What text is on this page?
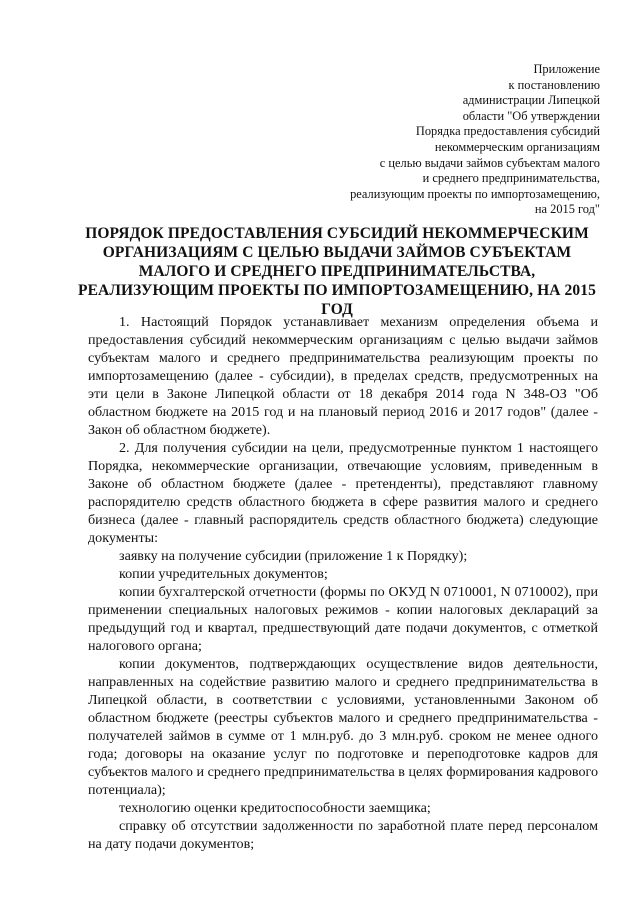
Приложение
к постановлению
администрации Липецкой
области "Об утверждении
Порядка предоставления субсидий
некоммерческим организациям
с целью выдачи займов субъектам малого
и среднего предпринимательства,
реализующим проекты по импортозамещению,
на 2015 год"
ПОРЯДОК ПРЕДОСТАВЛЕНИЯ СУБСИДИЙ НЕКОММЕРЧЕСКИМ ОРГАНИЗАЦИЯМ С ЦЕЛЬЮ ВЫДАЧИ ЗАЙМОВ СУБЪЕКТАМ МАЛОГО И СРЕДНЕГО ПРЕДПРИНИМАТЕЛЬСТВА, РЕАЛИЗУЮЩИМ ПРОЕКТЫ ПО ИМПОРТОЗАМЕЩЕНИЮ, НА 2015 ГОД

1. Настоящий Порядок устанавливает механизм определения объема и предоставления субсидий некоммерческим организациям с целью выдачи займов субъектам малого и среднего предпринимательства реализующим проекты по импортозамещению (далее - субсидии), в пределах средств, предусмотренных на эти цели в Законе Липецкой области от 18 декабря 2014 года N 348-ОЗ "Об областном бюджете на 2015 год и на плановый период 2016 и 2017 годов" (далее - Закон об областном бюджете).

2. Для получения субсидии на цели, предусмотренные пунктом 1 настоящего Порядка, некоммерческие организации, отвечающие условиям, приведенным в Законе об областном бюджете (далее - претенденты), представляют главному распорядителю средств областного бюджета в сфере развития малого и среднего бизнеса (далее - главный распорядитель средств областного бюджета) следующие документы:

заявку на получение субсидии (приложение 1 к Порядку);

копии учредительных документов;

копии бухгалтерской отчетности (формы по ОКУД N 0710001, N 0710002), при применении специальных налоговых режимов - копии налоговых деклараций за предыдущий год и квартал, предшествующий дате подачи документов, с отметкой налогового органа;

копии документов, подтверждающих осуществление видов деятельности, направленных на содействие развитию малого и среднего предпринимательства в Липецкой области, в соответствии с условиями, установленными Законом об областном бюджете (реестры субъектов малого и среднего предпринимательства - получателей займов в сумме от 1 млн.руб. до 3 млн.руб. сроком не менее одного года; договоры на оказание услуг по подготовке и переподготовке кадров для субъектов малого и среднего предпринимательства в целях формирования кадрового потенциала);

технологию оценки кредитоспособности заемщика;

справку об отсутствии задолженности по заработной плате перед персоналом на дату подачи документов;
